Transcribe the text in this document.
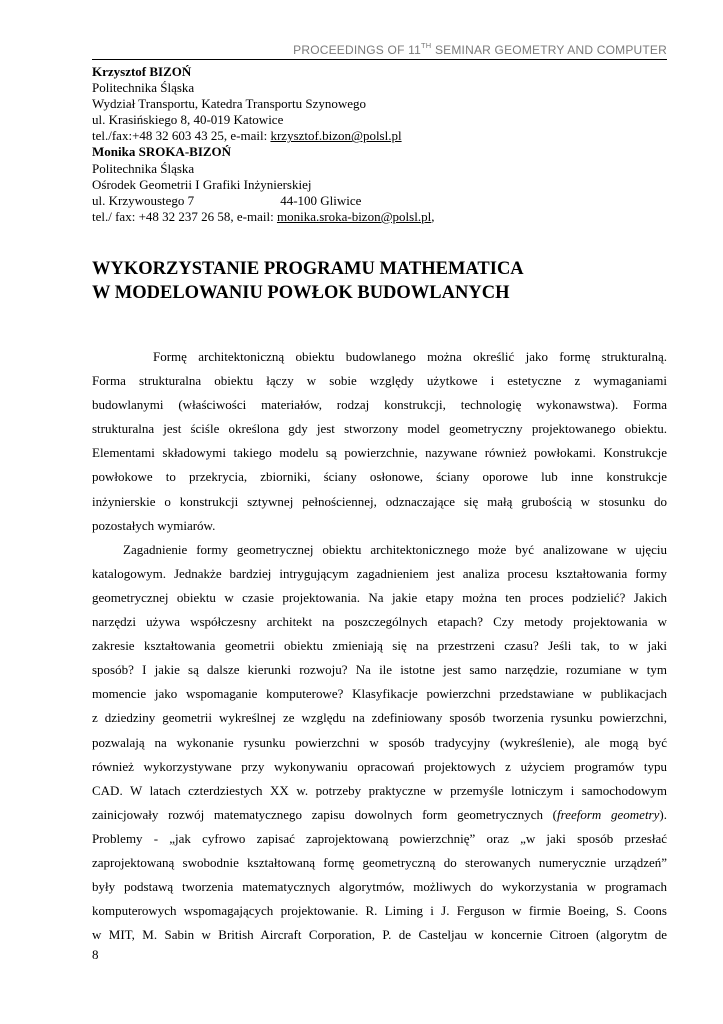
PROCEEDINGS OF 11TH SEMINAR GEOMETRY AND COMPUTER
Krzysztof BIZOŃ
Politechnika Śląska
Wydział Transportu, Katedra Transportu Szynowego
ul. Krasińskiego 8, 40-019 Katowice
tel./fax:+48 32 603 43 25, e-mail: krzysztof.bizon@polsl.pl
Monika SROKA-BIZOŃ
Politechnika Śląska
Ośrodek Geometrii I Grafiki Inżynierskiej
ul. Krzywoustego 7	44-100 Gliwice
tel./ fax: +48 32 237 26 58, e-mail: monika.sroka-bizon@polsl.pl,
WYKORZYSTANIE PROGRAMU MATHEMATICA
W MODELOWANIU POWŁOK BUDOWLANYCH

Formę architektoniczną obiektu budowlanego można określić jako formę strukturalną.
Forma strukturalna obiektu łączy w sobie względy użytkowe i estetyczne z wymaganiami
budowlanymi (właściwości materiałów, rodzaj konstrukcji, technologię wykonawstwa). Forma
strukturalna jest ściśle określona gdy jest stworzony model geometryczny projektowanego obiektu.
Elementami składowymi takiego modelu są powierzchnie, nazywane również powłokami. Konstrukcje
powłokowe to przekrycia, zbiorniki, ściany osłonowe, ściany oporowe lub inne konstrukcje
inżynierskie o konstrukcji sztywnej pełnościennej, odznaczające się małą grubością w stosunku do
pozostałych wymiarów.

Zagadnienie formy geometrycznej obiektu architektonicznego może być analizowane w ujęciu
katalogowym. Jednakże bardziej intrygującym zagadnieniem jest analiza procesu kształtowania formy
geometrycznej obiektu w czasie projektowania. Na jakie etapy można ten proces podzielić? Jakich
narzędzi używa współczesny architekt na poszczególnych etapach? Czy metody projektowania w
zakresie kształtowania geometrii obiektu zmieniają się na przestrzeni czasu? Jeśli tak, to w jaki
sposób? I jakie są dalsze kierunki rozwoju? Na ile istotne jest samo narzędzie, rozumiane w tym
momencie jako wspomaganie komputerowe? Klasyfikacje powierzchni przedstawiane w publikacjach
z dziedziny geometrii wykreślnej ze względu na zdefiniowany sposób tworzenia rysunku powierzchni,
pozwalają na wykonanie rysunku powierzchni w sposób tradycyjny (wykreślenie), ale mogą być
również wykorzystywane przy wykonywaniu opracowań projektowych z użyciem programów typu
CAD. W latach czterdziestych XX w. potrzeby praktyczne w przemyśle lotniczym i samochodowym
zainicjowały rozwój matematycznego zapisu dowolnych form geometrycznych (freeform geometry).
Problemy - „jak cyfrowo zapisać zaprojektowaną powierzchnię” oraz „w jaki sposób przesłać
zaprojektowaną swobodnie kształtowaną formę geometryczną do sterowanych numerycznie urządzeń”
były podstawą tworzenia matematycznych algorytmów, możliwych do wykorzystania w programach
komputerowych wspomagających projektowanie. R. Liming i J. Ferguson w firmie Boeing, S. Coons
w MIT, M. Sabin w British Aircraft Corporation, P. de Casteljau w koncernie Citroen (algorytm de

8
